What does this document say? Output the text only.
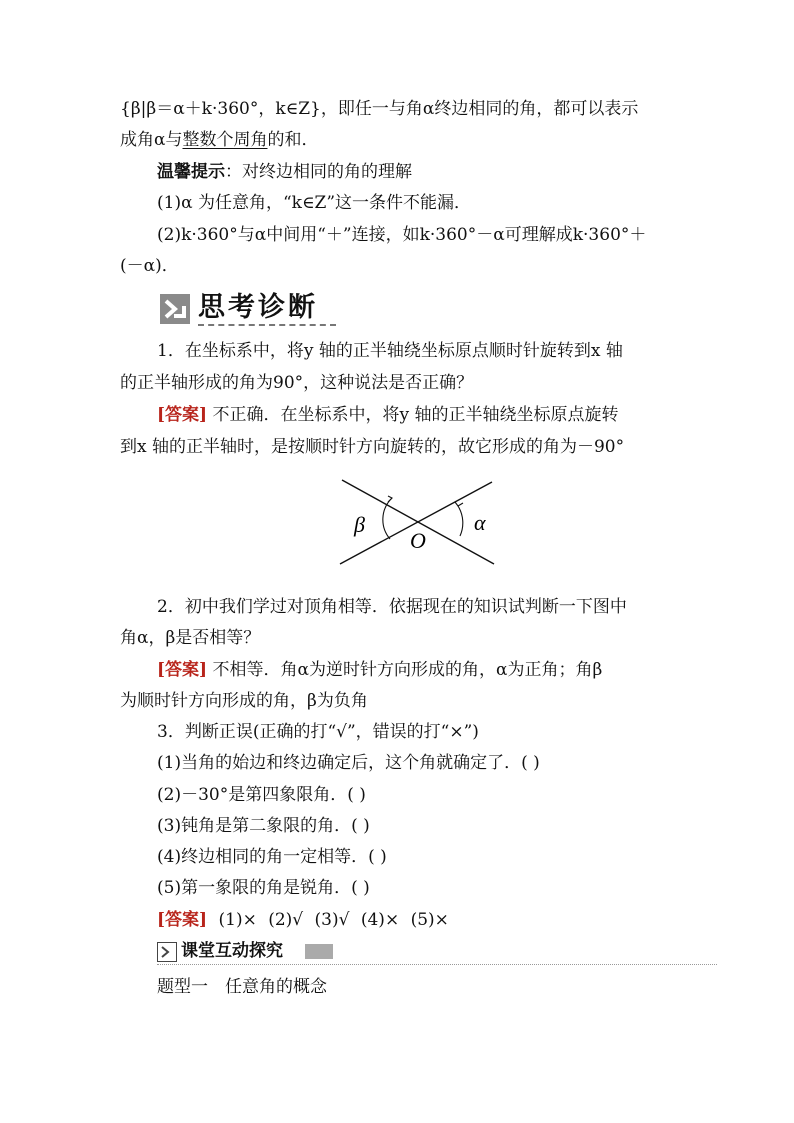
{β|β＝α＋k·360°，k∈Z}，即任一与角α终边相同的角，都可以表示
成角α与整数个周角的和．
温馨提示：对终边相同的角的理解
(1)α 为任意角，“k∈Z”这一条件不能漏．
(2)k·360°与α中间用“＋”连接，如k·360°－α可理解成k·360°＋
(－α)．
思考诊断
1．在坐标系中，将y 轴的正半轴绕坐标原点顺时针旋转到x 轴
的正半轴形成的角为90°，这种说法是否正确？
[答案] 不正确．在坐标系中，将y 轴的正半轴绕坐标原点旋转
到x 轴的正半轴时，是按顺时针方向旋转的，故它形成的角为－90°
β
O
α
2．初中我们学过对顶角相等．依据现在的知识试判断一下图中
角α，β是否相等？
[答案] 不相等．角α为逆时针方向形成的角，α为正角；角β
为顺时针方向形成的角，β为负角
3．判断正误(正确的打“√”，错误的打“×”)
(1)当角的始边和终边确定后，这个角就确定了．( )
(2)－30°是第四象限角．( )
(3)钝角是第二象限的角．( )
(4)终边相同的角一定相等．( )
(5)第一象限的角是锐角．( )
[答案] (1)× (2)√ (3)√ (4)× (5)×
课堂互动探究
题型一　任意角的概念
